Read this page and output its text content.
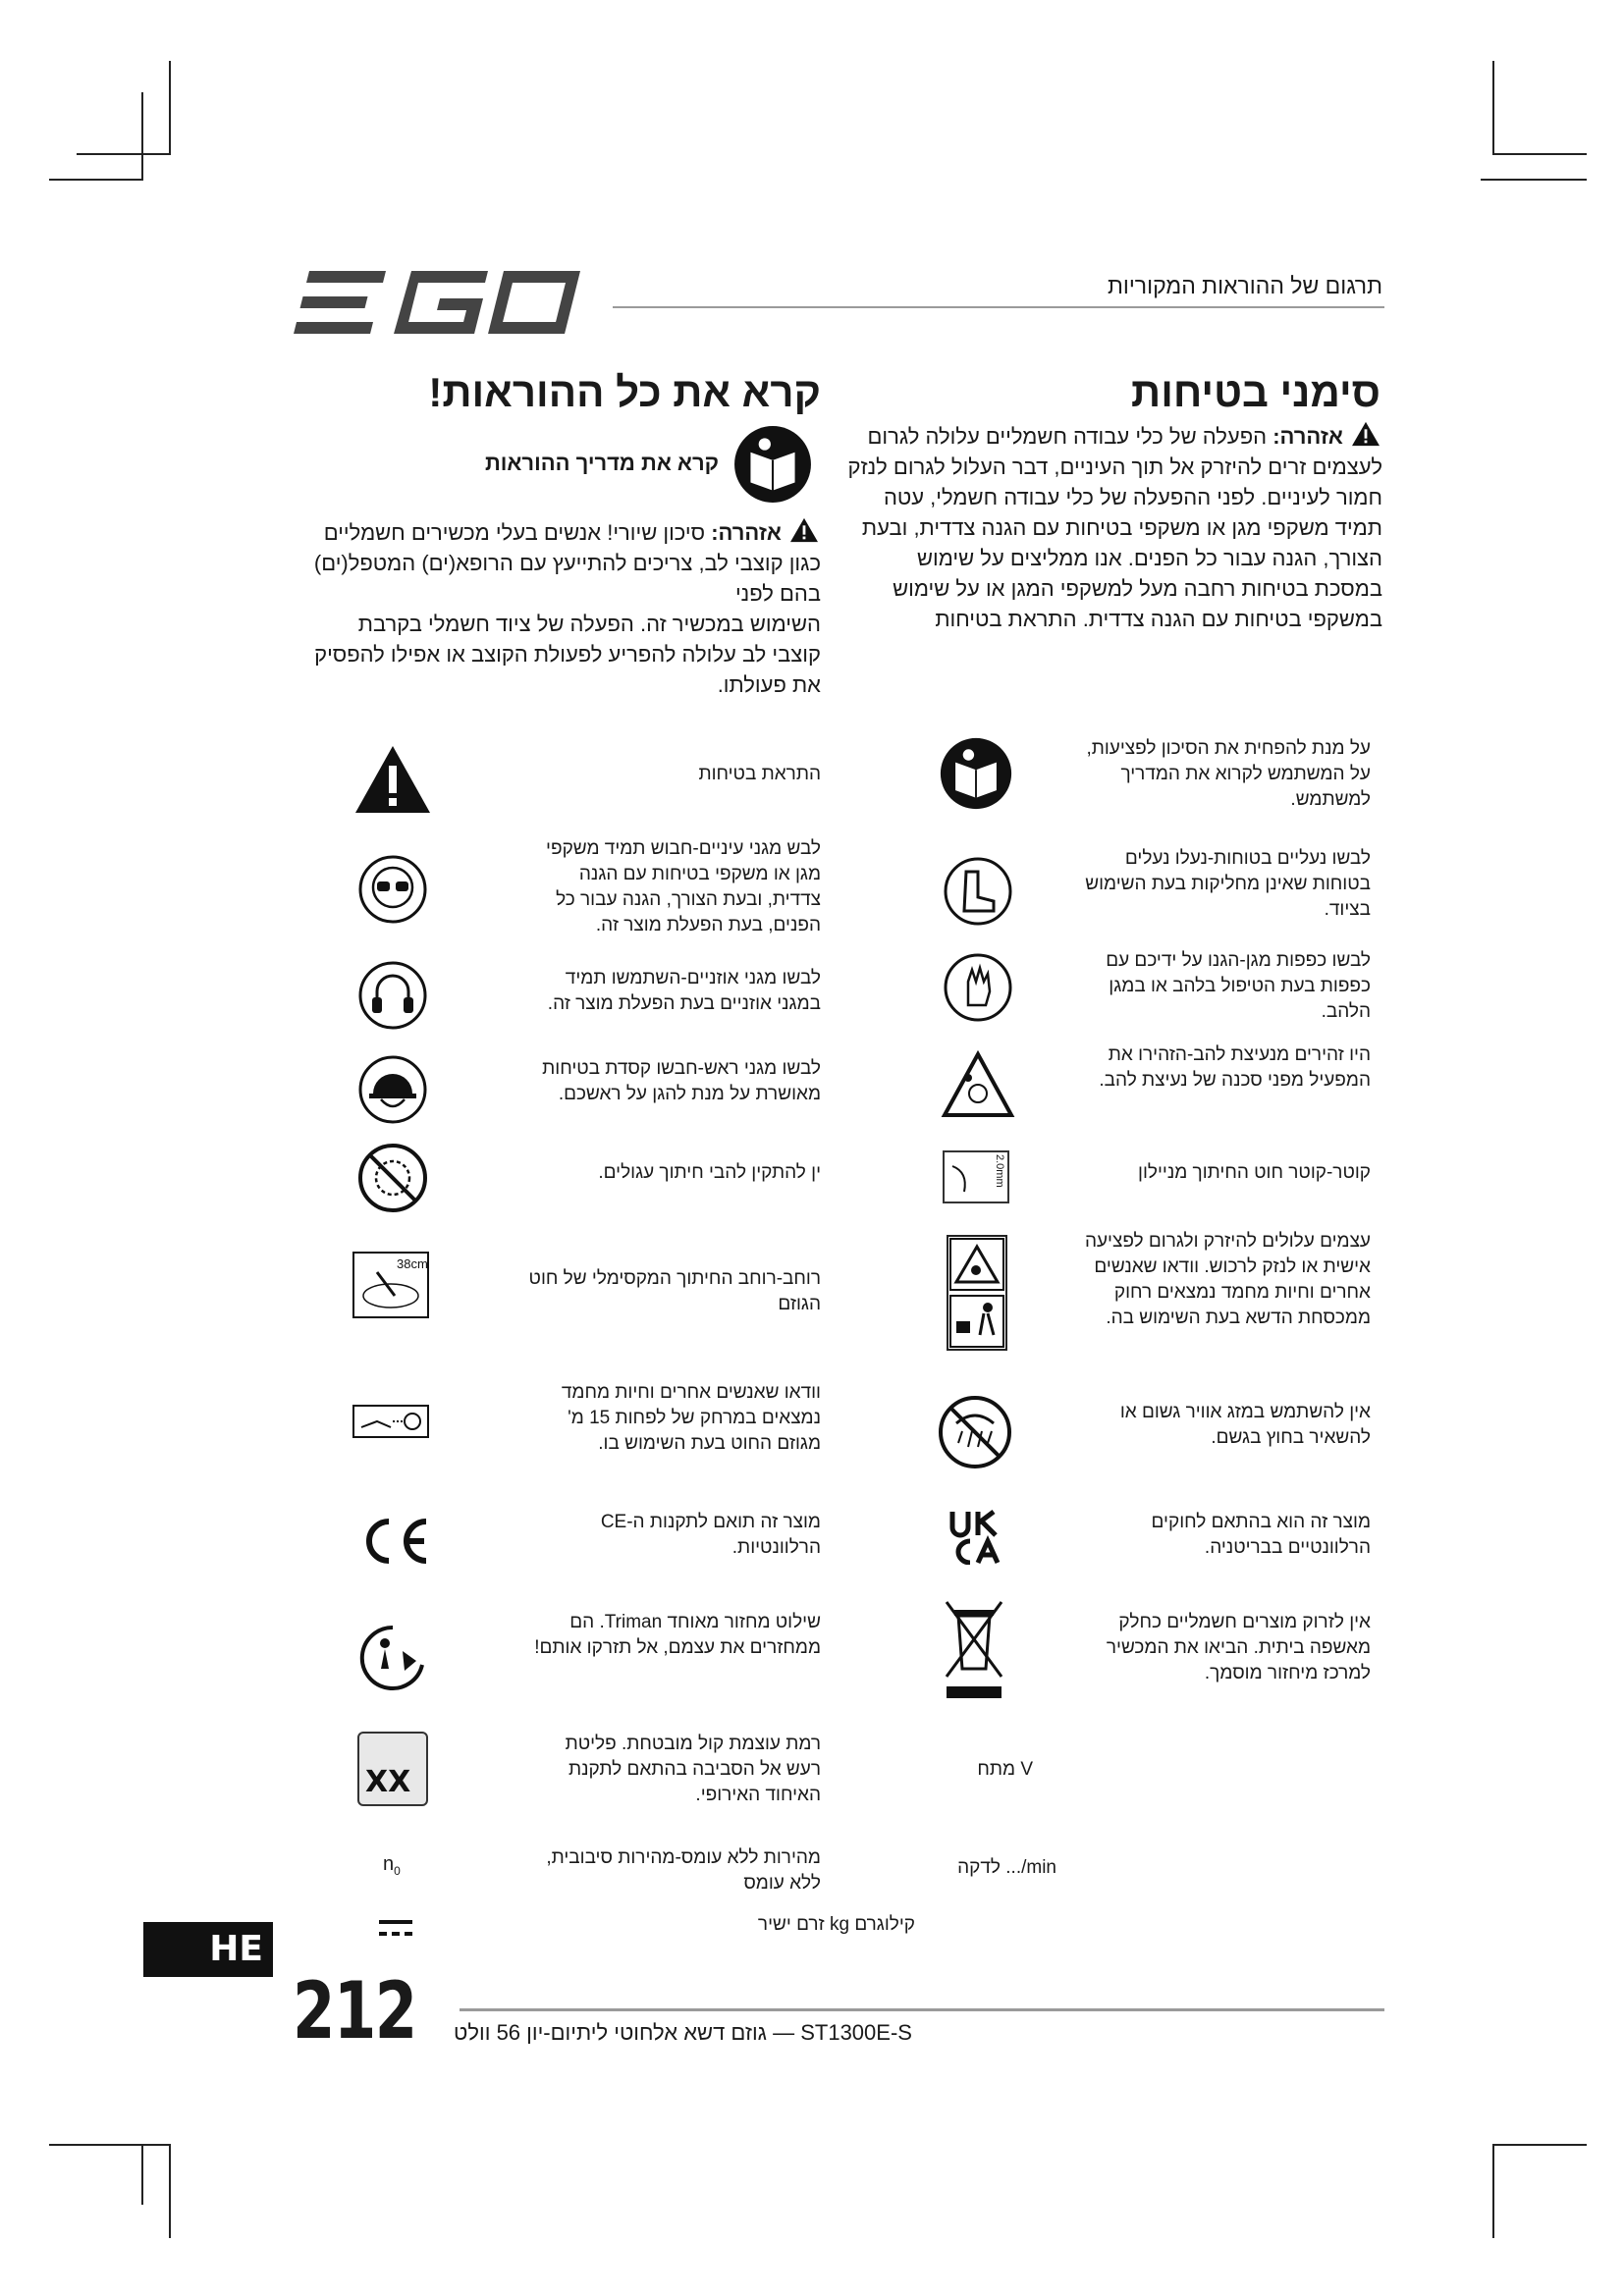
תרגום של ההוראות המקוריות
סימני בטיחות
אזהרה: הפעלה של כלי עבודה חשמליים עלולה לגרום לעצמים זרים להיזרק אל תוך העיניים, דבר העלול לגרום לנזק חמור לעיניים. לפני ההפעלה של כלי עבודה חשמלי, עטה תמיד משקפי מגן או משקפי בטיחות עם הגנה צדדית, ובעת הצורך, הגנה עבור כל הפנים. אנו ממליצים על שימוש במסכת בטיחות רחבה מעל למשקפי המגן או על שימוש במשקפי בטיחות עם הגנה צדדית. התראת בטיחות
קרא את כל ההוראות!
קרא את מדריך ההוראות
אזהרה: סיכון שיורי! אנשים בעלי מכשירים חשמליים כגון קוצבי לב, צריכים להתייעץ עם הרופא(ים) המטפל(ים) בהם לפני
השימוש במכשיר זה. הפעלה של ציוד חשמלי בקרבת קוצבי לב עלולה להפריע לפעולת הקוצב או אפילו להפסיק את פעולתו.
התראת בטיחות
לבש מגני עיניים-חבוש תמיד משקפי מגן או משקפי בטיחות עם הגנה צדדית, ובעת הצורך, הגנה עבור כל הפנים, בעת הפעלת מוצר זה.
לבשו מגני אוזניים-השתמשו תמיד במגני אוזניים בעת הפעלת מוצר זה.
לבשו מגני ראש-חבשו קסדת בטיחות מאושרת על מנת להגן על ראשכם.
ין להתקין להבי חיתוך עגולים.
38cm
רוחב-רוחב החיתוך המקסימלי של חוט הגוזם
וודאו שאנשים אחרים וחיות מחמד נמצאים במרחק של לפחות 15 מ' מגוזם החוט בעת השימוש בו.
מוצר זה תואם לתקנות ה-CE הרלוונטיות.
שילוט מחזור מאוחד Triman. הם ממחזרים את עצמם, אל תזרקו אותם!
XX
רמת עוצמת קול מובטחת. פליטת רעש אל הסביבה בהתאם לתקנת האיחוד האירופי.
$n_0$
מהירות ללא עומס-מהירות סיבובית, ללא עומס
קילוגרם kg זרם ישיר
על מנת להפחית את הסיכון לפציעות, על המשתמש לקרוא את המדריך למשתמש.
לבשו נעליים בטוחות-נעלו נעלים בטוחות שאינן מחליקות בעת השימוש בציוד.
לבשו כפפות מגן-הגנו על ידיכם עם כפפות בעת הטיפול בלהב או במגן הלהב.
היו זהירים מנעיצת להב-הזהירו את המפעיל מפני סכנה של נעיצת להב.
2.0mm	קוטר-קוטר חוט החיתוך מניילון
עצמים עלולים להיזרק ולגרום לפציעה אישית או לנזק לרכוש. וודאו שאנשים אחרים וחיות מחמד נמצאים רחוק ממכסחת הדשא בעת השימוש בה.
אין להשתמש במזג אוויר גשום או להשאיר בחוץ בגשם.
מוצר זה הוא בהתאם לחוקים הרלוונטיים בבריטניה.
אין לזרוק מוצרים חשמליים כחלק מאשפה ביתית. הביאו את המכשיר למרכז מיחזור מוסמך.
V מתח
לדקה .../min
HE
212 ST1300E-S — גוזם דשא אלחוטי ליתיום-יון 56 וולט
